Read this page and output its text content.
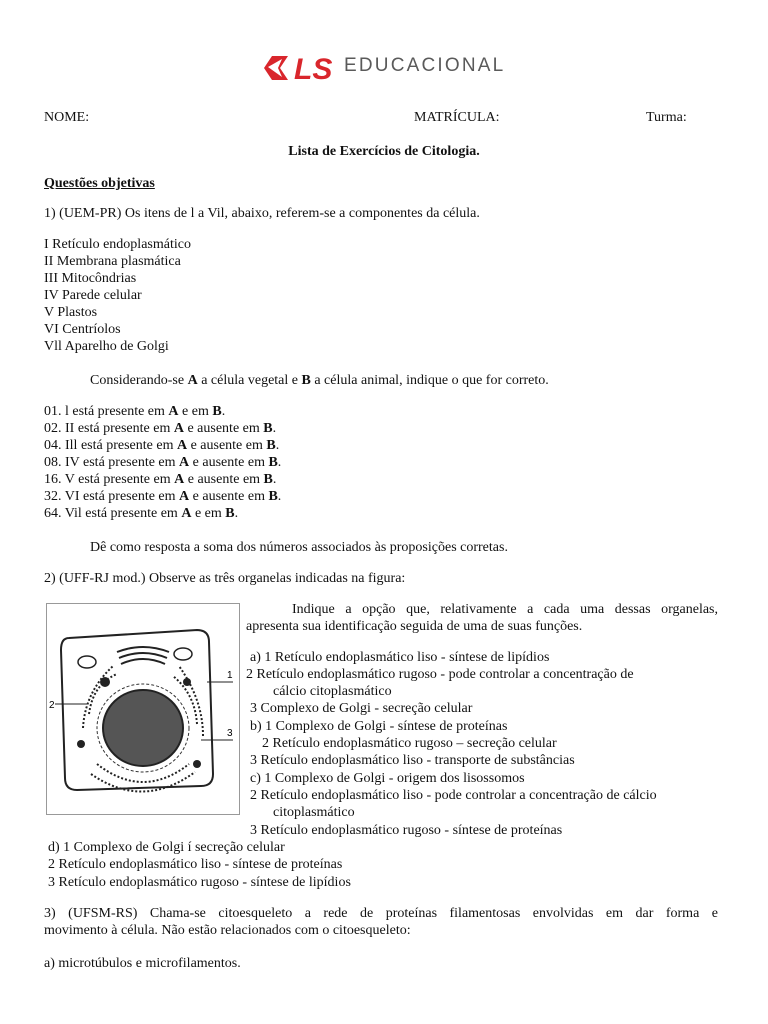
LS EDUCACIONAL
NOME:	MATRÍCULA:	Turma:
Lista de Exercícios de Citologia.
Questões objetivas
1) (UEM-PR) Os itens de l a Vil, abaixo, referem-se a componentes da célula.
I Retículo endoplasmático
II Membrana plasmática
III Mitocôndrias
IV Parede celular
V Plastos
VI Centríolos
Vll Aparelho de Golgi
Considerando-se A a célula vegetal e B a célula animal, indique o que for correto.
01. l está presente em A e em B.
02. II está presente em A e ausente em B.
04. Ill está presente em A e ausente em B.
08. IV está presente em A e ausente em B.
16. V está presente em A e ausente em B.
32. VI está presente em A e ausente em B.
64. Vil está presente em A e em B.
Dê como resposta a soma dos números associados às proposições corretas.
2) (UFF-RJ mod.) Observe as três organelas indicadas na figura:
1
2
3
Indique a opção que, relativamente a cada uma dessas organelas,
apresenta sua identificação seguida de uma de suas funções.
a) 1 Retículo endoplasmático liso - síntese de lipídios
2 Retículo endoplasmático rugoso - pode controlar a concentração de
cálcio citoplasmático
3 Complexo de Golgi - secreção celular
b) 1 Complexo de Golgi - síntese de proteínas
2 Retículo endoplasmático rugoso – secreção celular
3 Retículo endoplasmático liso - transporte de substâncias
c) 1 Complexo de Golgi - origem dos lisossomos
2 Retículo endoplasmático liso - pode controlar a concentração de cálcio
citoplasmático
3 Retículo endoplasmático rugoso - síntese de proteínas
d) 1 Complexo de Golgi í secreção celular
2 Retículo endoplasmático liso - síntese de proteínas
3 Retículo endoplasmático rugoso - síntese de lipídios
3) (UFSM-RS) Chama-se citoesqueleto a rede de proteínas filamentosas envolvidas em dar forma e
movimento à célula. Não estão relacionados com o citoesqueleto:
a) microtúbulos e microfilamentos.
